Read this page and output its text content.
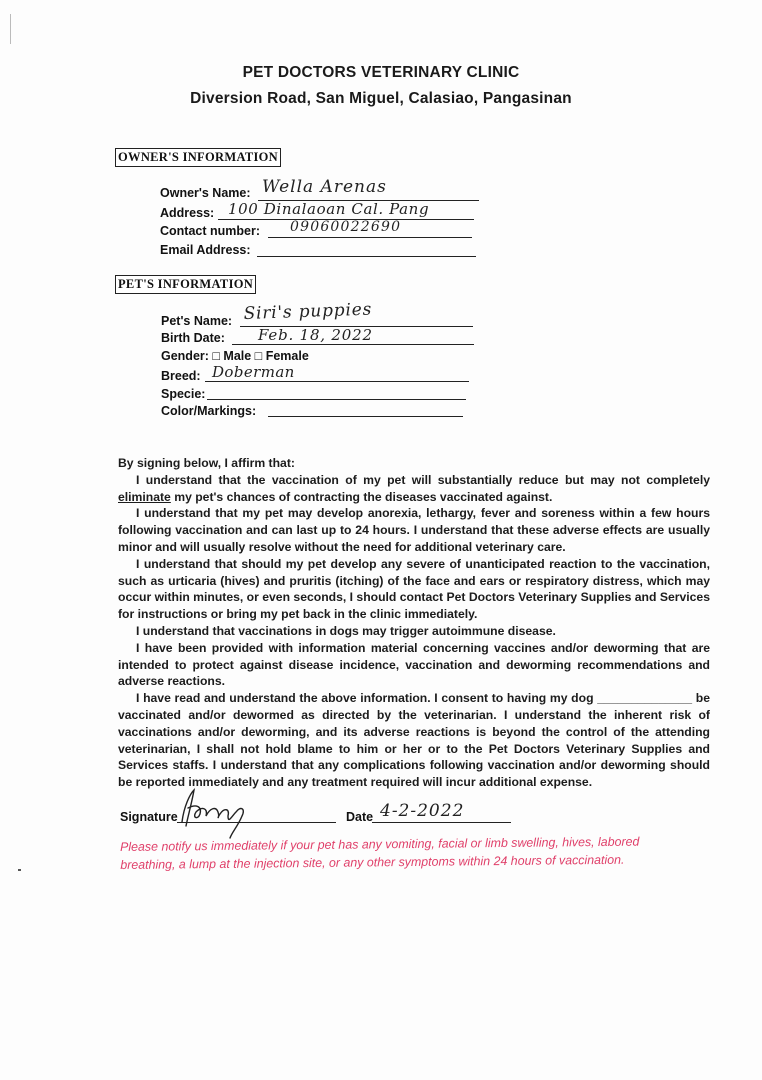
PET DOCTORS VETERINARY CLINIC
Diversion Road, San Miguel, Calasiao, Pangasinan
OWNER'S INFORMATION
Owner's Name: Wella Arenas
Address: 100 Dinalaoan Cal. Pang
Contact number: 09060022690
Email Address:
PET'S INFORMATION
Pet's Name: Siri's puppies
Birth Date: Feb. 18, 2022
Gender: □ Male □ Female
Breed: Doberman
Specie:
Color/Markings:

By signing below, I affirm that:

I understand that the vaccination of my pet will substantially reduce but may not completely eliminate my pet's chances of contracting the diseases vaccinated against.

I understand that my pet may develop anorexia, lethargy, fever and soreness within a few hours following vaccination and can last up to 24 hours. I understand that these adverse effects are usually minor and will usually resolve without the need for additional veterinary care.

I understand that should my pet develop any severe of unanticipated reaction to the vaccination, such as urticaria (hives) and pruritis (itching) of the face and ears or respiratory distress, which may occur within minutes, or even seconds, I should contact Pet Doctors Veterinary Supplies and Services for instructions or bring my pet back in the clinic immediately.

I understand that vaccinations in dogs may trigger autoimmune disease.

I have been provided with information material concerning vaccines and/or deworming that are intended to protect against disease incidence, vaccination and deworming recommendations and adverse reactions.

I have read and understand the above information. I consent to having my dog ______________ be vaccinated and/or dewormed as directed by the veterinarian. I understand the inherent risk of vaccinations and/or deworming, and its adverse reactions is beyond the control of the attending veterinarian, I shall not hold blame to him or her or to the Pet Doctors Veterinary Supplies and Services staffs. I understand that any complications following vaccination and/or deworming should be reported immediately and any treatment required will incur additional expense.

Signature	Date 4-2-2022
Please notify us immediately if your pet has any vomiting, facial or limb swelling, hives, labored breathing, a lump at the injection site, or any other symptoms within 24 hours of vaccination.
